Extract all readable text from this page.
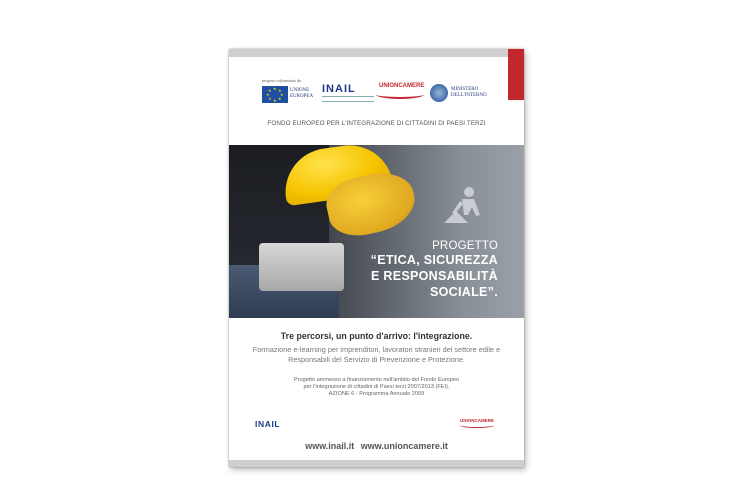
progetto cofinanziato da
★ ★
★
★
★
★
★
★	UNIONE
EUROPEA
INAIL	UNIONCAMERE
MINISTERO
DELL'INTERNO
FONDO EUROPEO PER L'INTEGRAZIONE DI CITTADINI DI PAESI TERZI
PROGETTO
“ETICA, SICUREZZA
E RESPONSABILITÀ
SOCIALE”.
Tre percorsi, un punto d'arrivo: l'integrazione.
Formazione e-learning per imprenditori, lavoratori stranieri del settore edile e Responsabili del Servizio di Prevenzione e Protezione.
Progetto ammesso a finanziamento nell'ambito del Fondo Europeo
per l'integrazione di cittadini di Paesi terzi 2007/2013 (FEI).
AZIONE 6 - Programma Annuale 2009
INAIL	UNIONCAMERE
www.inail.it www.unioncamere.it
